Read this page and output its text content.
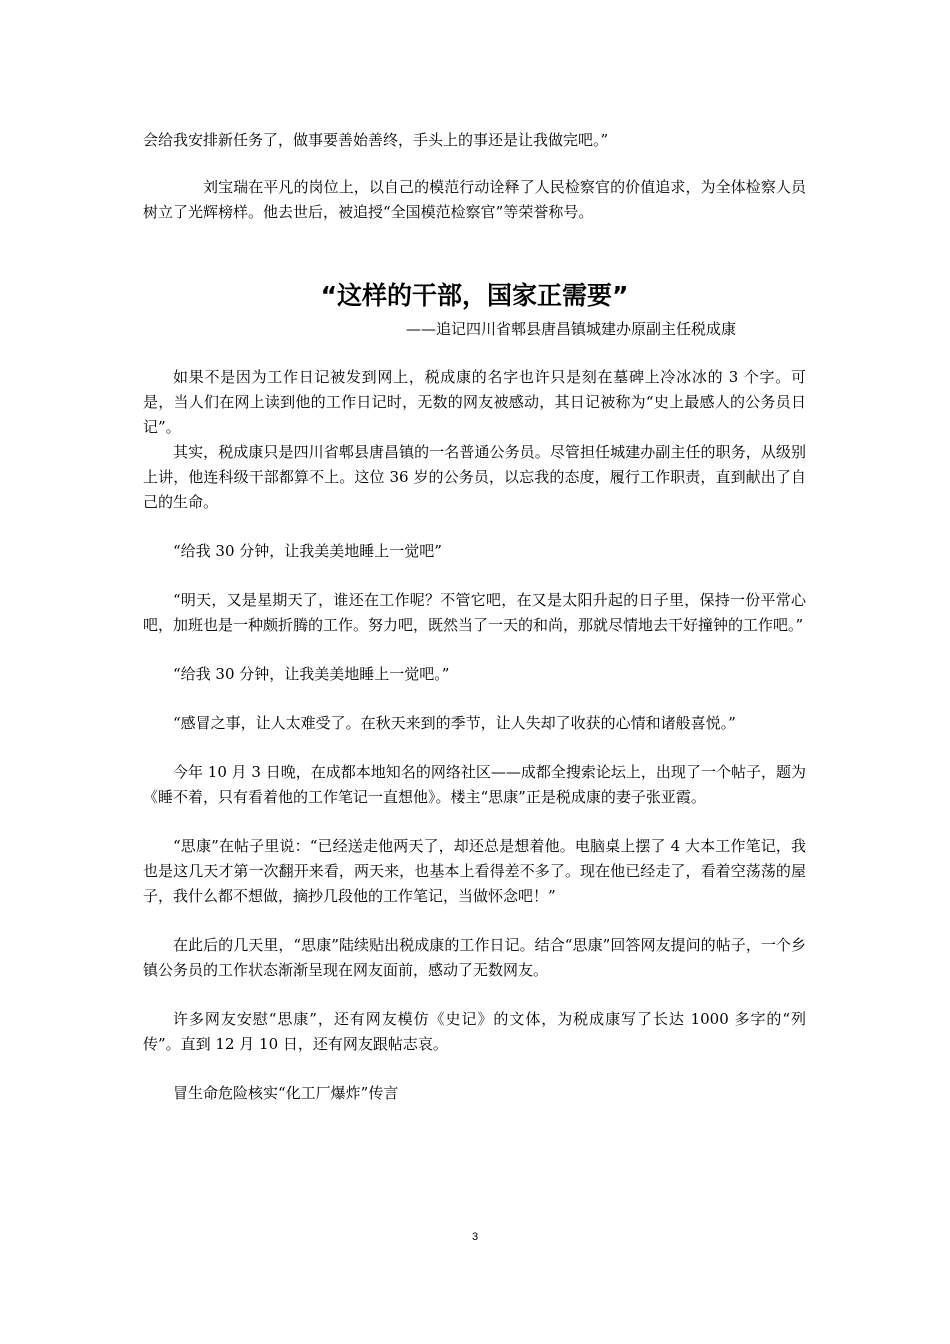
会给我安排新任务了，做事要善始善终，手头上的事还是让我做完吧。”

刘宝瑞在平凡的岗位上，以自己的模范行动诠释了人民检察官的价值追求，为全体检察人员树立了光辉榜样。他去世后，被追授“全国模范检察官”等荣誉称号。

“这样的干部，国家正需要”
——追记四川省郫县唐昌镇城建办原副主任税成康

如果不是因为工作日记被发到网上，税成康的名字也许只是刻在墓碑上冷冰冰的 3 个字。可是，当人们在网上读到他的工作日记时，无数的网友被感动，其日记被称为“史上最感人的公务员日记”。

其实，税成康只是四川省郫县唐昌镇的一名普通公务员。尽管担任城建办副主任的职务，从级别上讲，他连科级干部都算不上。这位 36 岁的公务员，以忘我的态度，履行工作职责，直到献出了自己的生命。

“给我 30 分钟，让我美美地睡上一觉吧”

“明天，又是星期天了，谁还在工作呢？不管它吧，在又是太阳升起的日子里，保持一份平常心吧，加班也是一种颇折腾的工作。努力吧，既然当了一天的和尚，那就尽情地去干好撞钟的工作吧。”

“给我 30 分钟，让我美美地睡上一觉吧。”

“感冒之事，让人太难受了。在秋天来到的季节，让人失却了收获的心情和诸般喜悦。”

今年 10 月 3 日晚，在成都本地知名的网络社区——成都全搜索论坛上，出现了一个帖子，题为《睡不着，只有看着他的工作笔记一直想他》。楼主“思康”正是税成康的妻子张亚霞。

“思康”在帖子里说：“已经送走他两天了，却还总是想着他。电脑桌上摆了 4 大本工作笔记，我也是这几天才第一次翻开来看，两天来，也基本上看得差不多了。现在他已经走了，看着空荡荡的屋子，我什么都不想做，摘抄几段他的工作笔记，当做怀念吧！”

在此后的几天里，“思康”陆续贴出税成康的工作日记。结合“思康”回答网友提问的帖子，一个乡镇公务员的工作状态渐渐呈现在网友面前，感动了无数网友。

许多网友安慰“思康”，还有网友模仿《史记》的文体，为税成康写了长达 1000 多字的“列传”。直到 12 月 10 日，还有网友跟帖志哀。

冒生命危险核实“化工厂爆炸”传言

3
